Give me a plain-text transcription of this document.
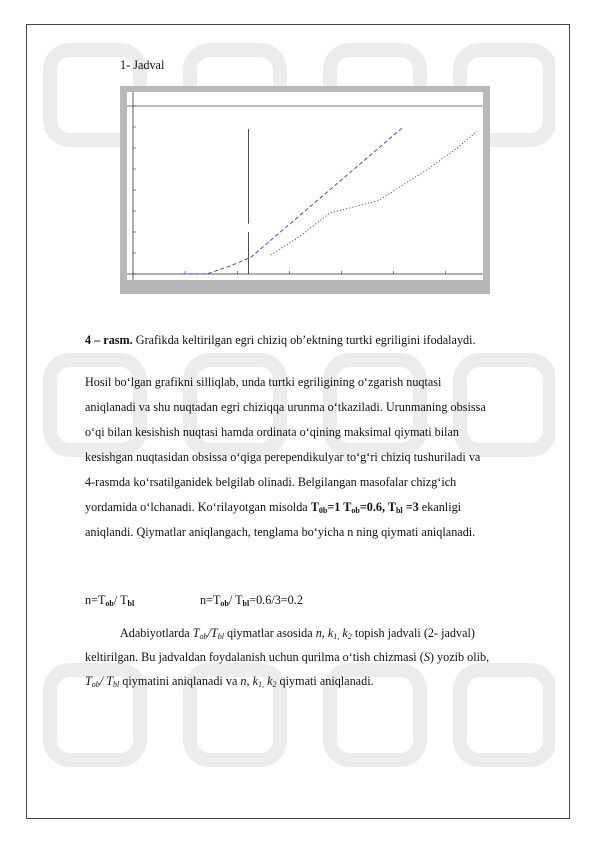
1- Jadval
4 – rasm. Grafikda keltirilgan egri chiziq ob’ektning turtki egriligini ifodalaydi.
Hosil bo‘lgan grafikni silliqlab, unda turtki egriligining o‘zgarish nuqtasi
aniqlanadi va shu nuqtadan egri chiziqqa urunma o‘tkaziladi. Urunmaning obsissa
o‘qi bilan kesishish nuqtasi hamda ordinata o‘qining maksimal qiymati bilan
kesishgan nuqtasidan obsissa o‘qiga perependikulyar to‘g‘ri chiziq tushuriladi va
4-rasmda ko‘rsatilganidek belgilab olinadi. Belgilangan masofalar chizg‘ich
yordamida o‘lchanadi. Ko‘rilayotgan misolda $T_{0b}=1$ $T_{ob}=0.6$, $T_{bl} =3$ ekanligi
aniqlandi. Qiymatlar aniqlangach, tenglama bo‘yicha n ning qiymati aniqlanadi.
$n=T_{ob}/$ $T_{bl}$	$n=T_{ob}/$ $T_{bl}=0.6/3=0.2$
Adabiyotlarda $T_{ob}/T_{bl}$ qiymatlar asosida n, $k_{1,}$ $k_2$ topish jadvali (2- jadval)
keltirilgan. Bu jadvaldan foydalanish uchun qurilma o‘tish chizmasi (S) yozib olib,
$T_{ob}/$ $T_{bl}$ qiymatini aniqlanadi va n, $k_{1,}$ $k_2$ qiymati aniqlanadi.
